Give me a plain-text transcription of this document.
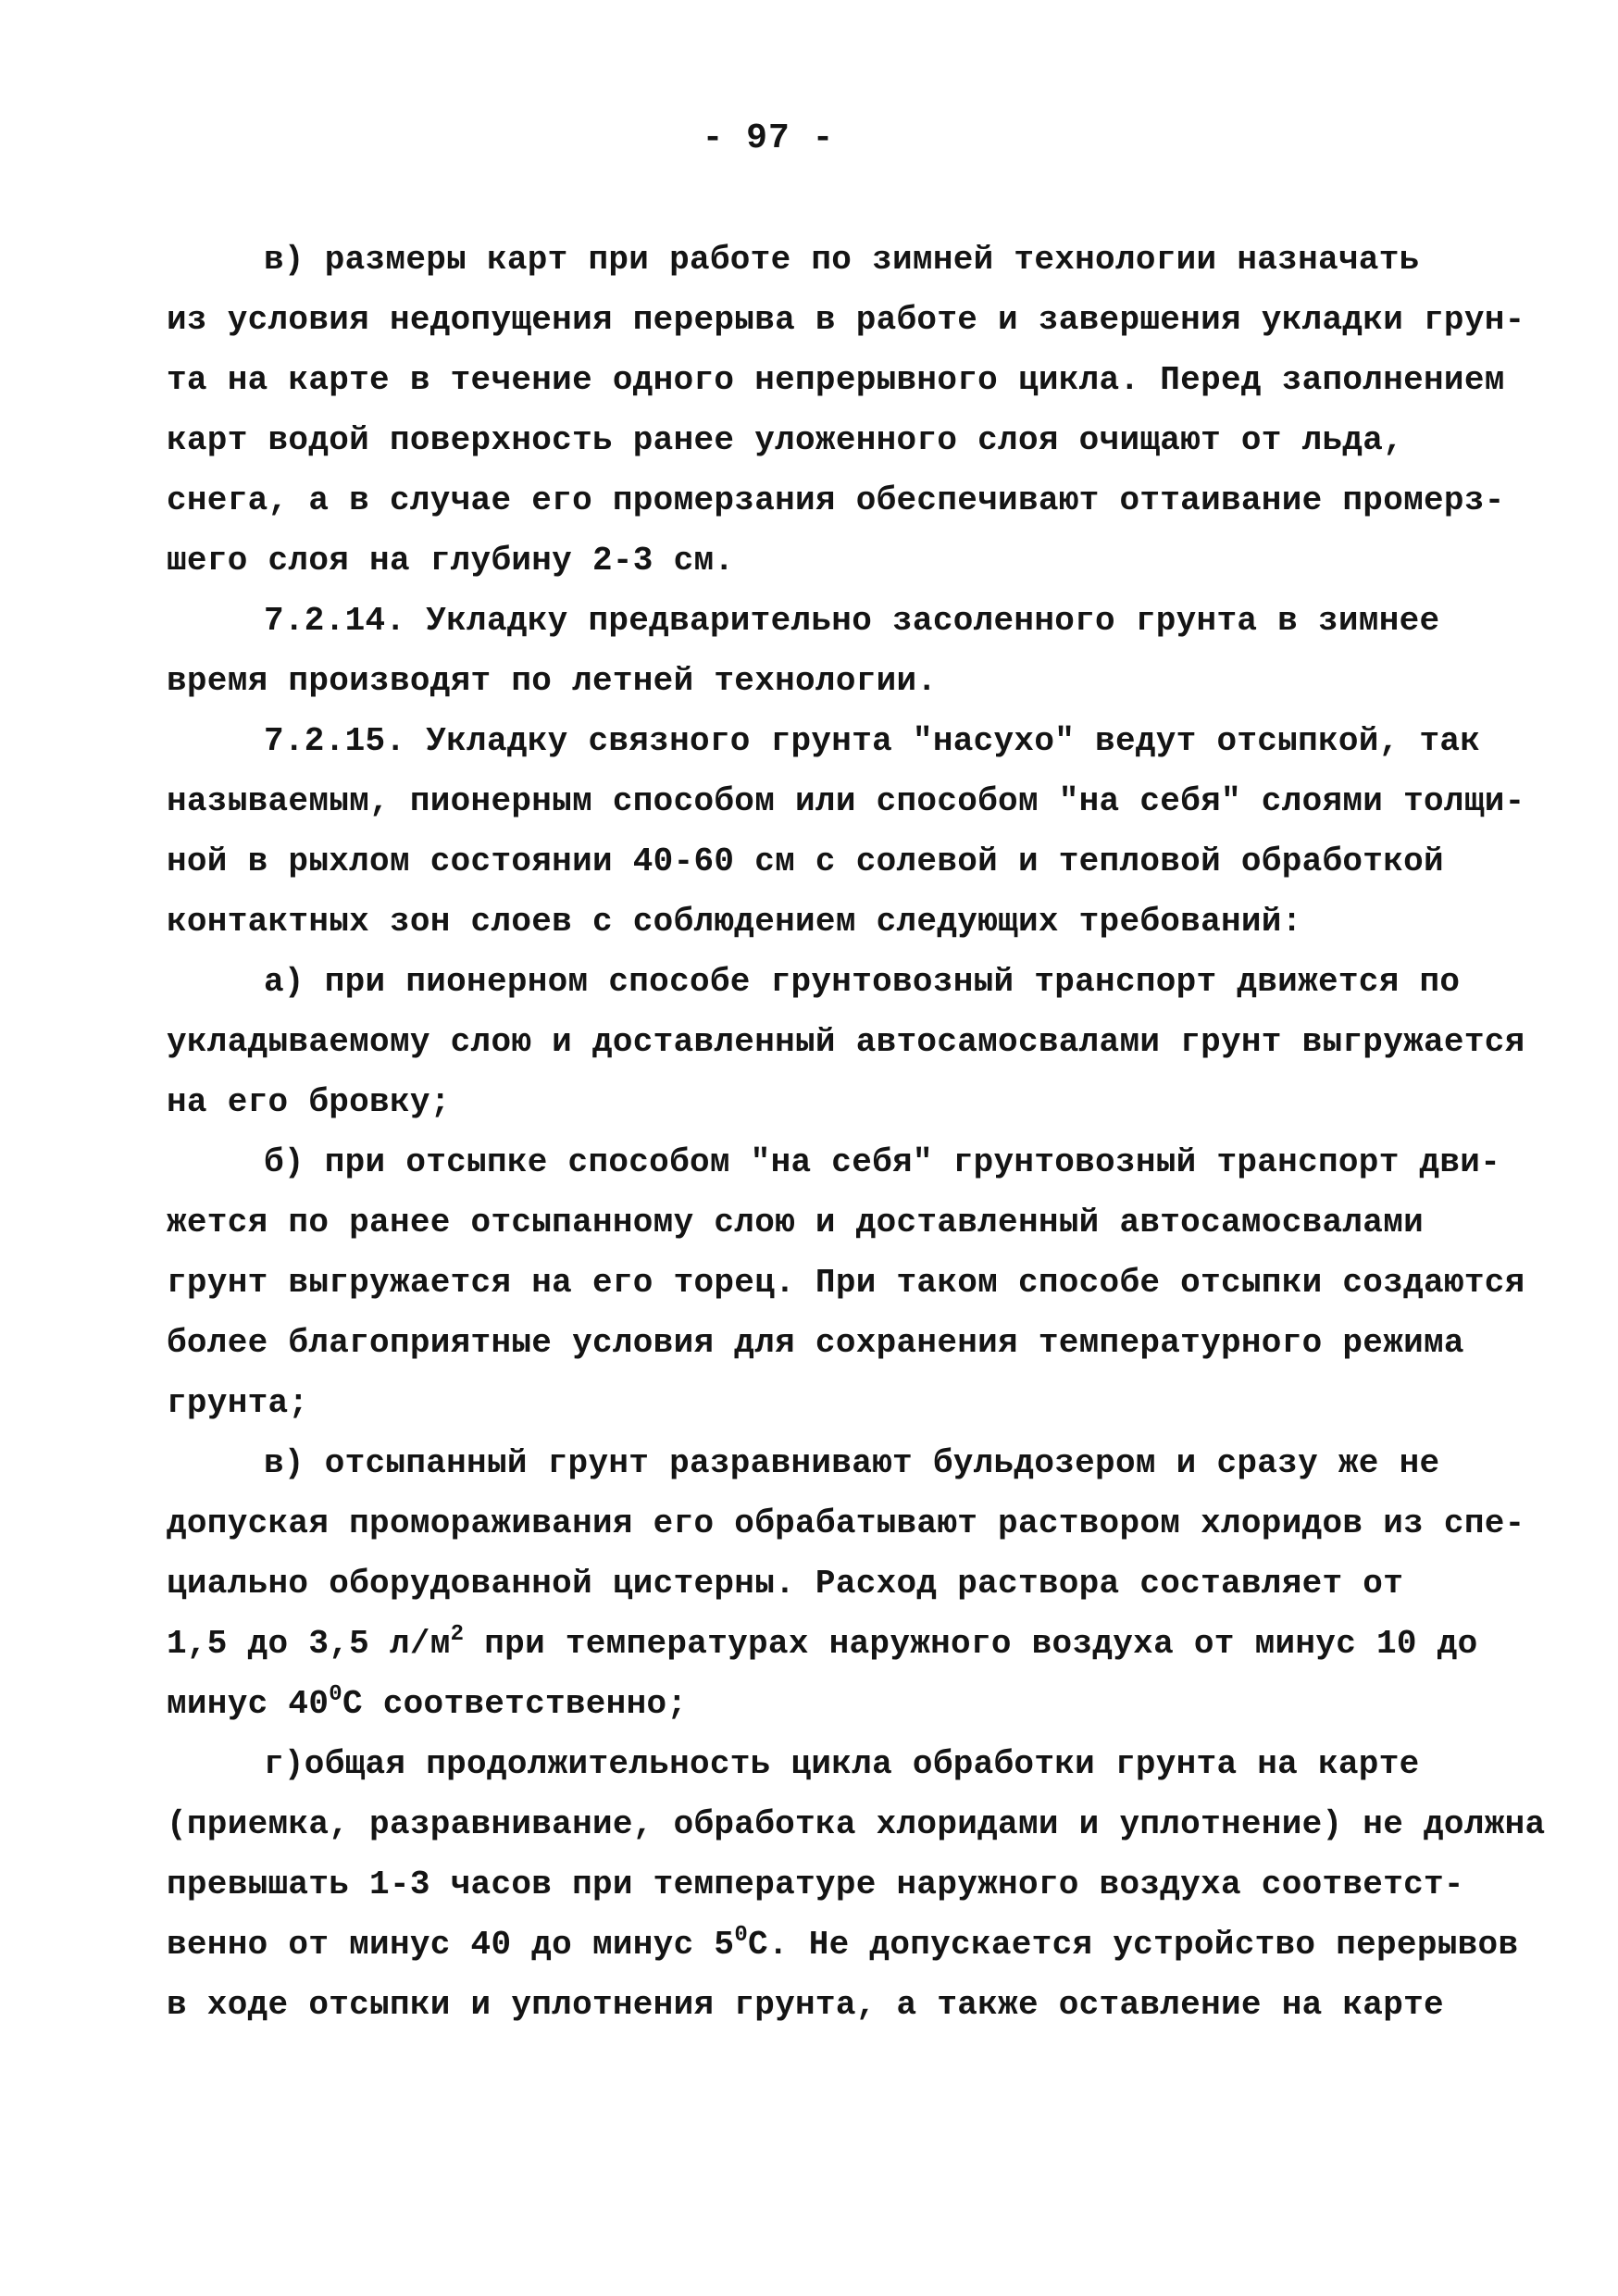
- 97 -
в) размеры карт при работе по зимней технологии назначать
из условия недопущения перерыва в работе и завершения укладки грун-
та на карте в течение одного непрерывного цикла. Перед заполнением
карт водой поверхность ранее уложенного слоя очищают от льда,
снега, а в случае его промерзания обеспечивают оттаивание промерз-
шего слоя на глубину 2-3 см.
7.2.14. Укладку предварительно засоленного грунта в зимнее
время производят по летней технологии.
7.2.15. Укладку связного грунта "насухо" ведут отсыпкой, так
называемым, пионерным способом или способом "на себя" слоями толщи-
ной в рыхлом состоянии 40-60 см с солевой и тепловой обработкой
контактных зон слоев с соблюдением следующих требований:
а) при пионерном способе грунтовозный транспорт движется по
укладываемому слою и доставленный автосамосвалами грунт выгружается
на его бровку;
б) при отсыпке способом "на себя" грунтовозный транспорт дви-
жется по ранее отсыпанному слою и доставленный автосамосвалами
грунт выгружается на его торец. При таком способе отсыпки создаются
более благоприятные условия для сохранения температурного режима
грунта;
в) отсыпанный грунт разравнивают бульдозером и сразу же не
допуская промораживания его обрабатывают раствором хлоридов из спе-
циально оборудованной цистерны. Расход раствора составляет от
1,5 до 3,5 $л/м^2$ при температурах наружного воздуха от минус 10 до
минус $40^0С$ соответственно;
г)общая продолжительность цикла обработки грунта на карте
(приемка, разравнивание, обработка хлоридами и уплотнение) не должна
превышать 1-3 часов при температуре наружного воздуха соответст-
венно от минус 40 до минус $5^0С$. Не допускается устройство перерывов
в ходе отсыпки и уплотнения грунта, а также оставление на карте
